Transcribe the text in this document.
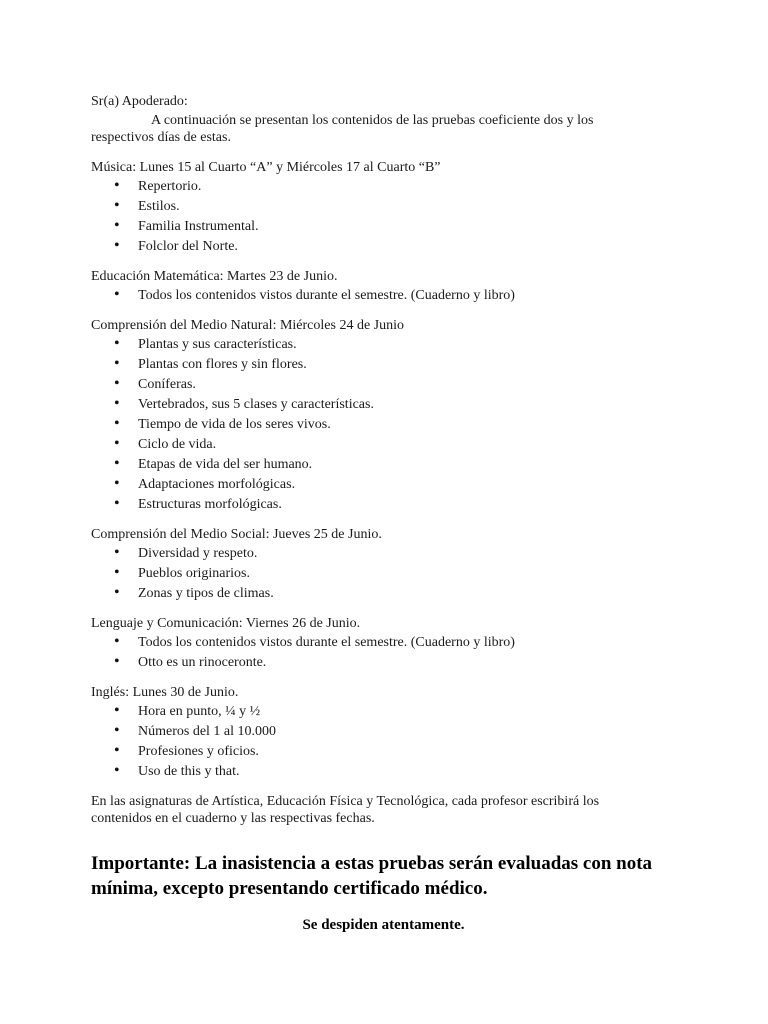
Sr(a) Apoderado:

A continuación se presentan los contenidos de las pruebas coeficiente dos y los respectivos días de estas.

Música: Lunes 15 al Cuarto “A” y Miércoles 17 al Cuarto “B”

• Repertorio.
• Estilos.
• Familia Instrumental.
• Folclor del Norte.

Educación Matemática: Martes 23 de Junio.

• Todos los contenidos vistos durante el semestre. (Cuaderno y libro)

Comprensión del Medio Natural: Miércoles 24 de Junio

• Plantas y sus características.
• Plantas con flores y sin flores.
• Coníferas.
• Vertebrados, sus 5 clases y características.
• Tiempo de vida de los seres vivos.
• Ciclo de vida.
• Etapas de vida del ser humano.
• Adaptaciones morfológicas.
• Estructuras morfológicas.

Comprensión del Medio Social: Jueves 25 de Junio.

• Diversidad y respeto.
• Pueblos originarios.
• Zonas y tipos de climas.

Lenguaje y Comunicación: Viernes 26 de Junio.

• Todos los contenidos vistos durante el semestre. (Cuaderno y libro)
• Otto es un rinoceronte.

Inglés: Lunes 30 de Junio.

• Hora en punto, ¼ y ½
• Números del 1 al 10.000
• Profesiones y oficios.
• Uso de this y that.

En las asignaturas de Artística, Educación Física y Tecnológica, cada profesor escribirá los contenidos en el cuaderno y las respectivas fechas.

Importante: La inasistencia a estas pruebas serán evaluadas con nota mínima, excepto presentando certificado médico.

Se despiden atentamente.
